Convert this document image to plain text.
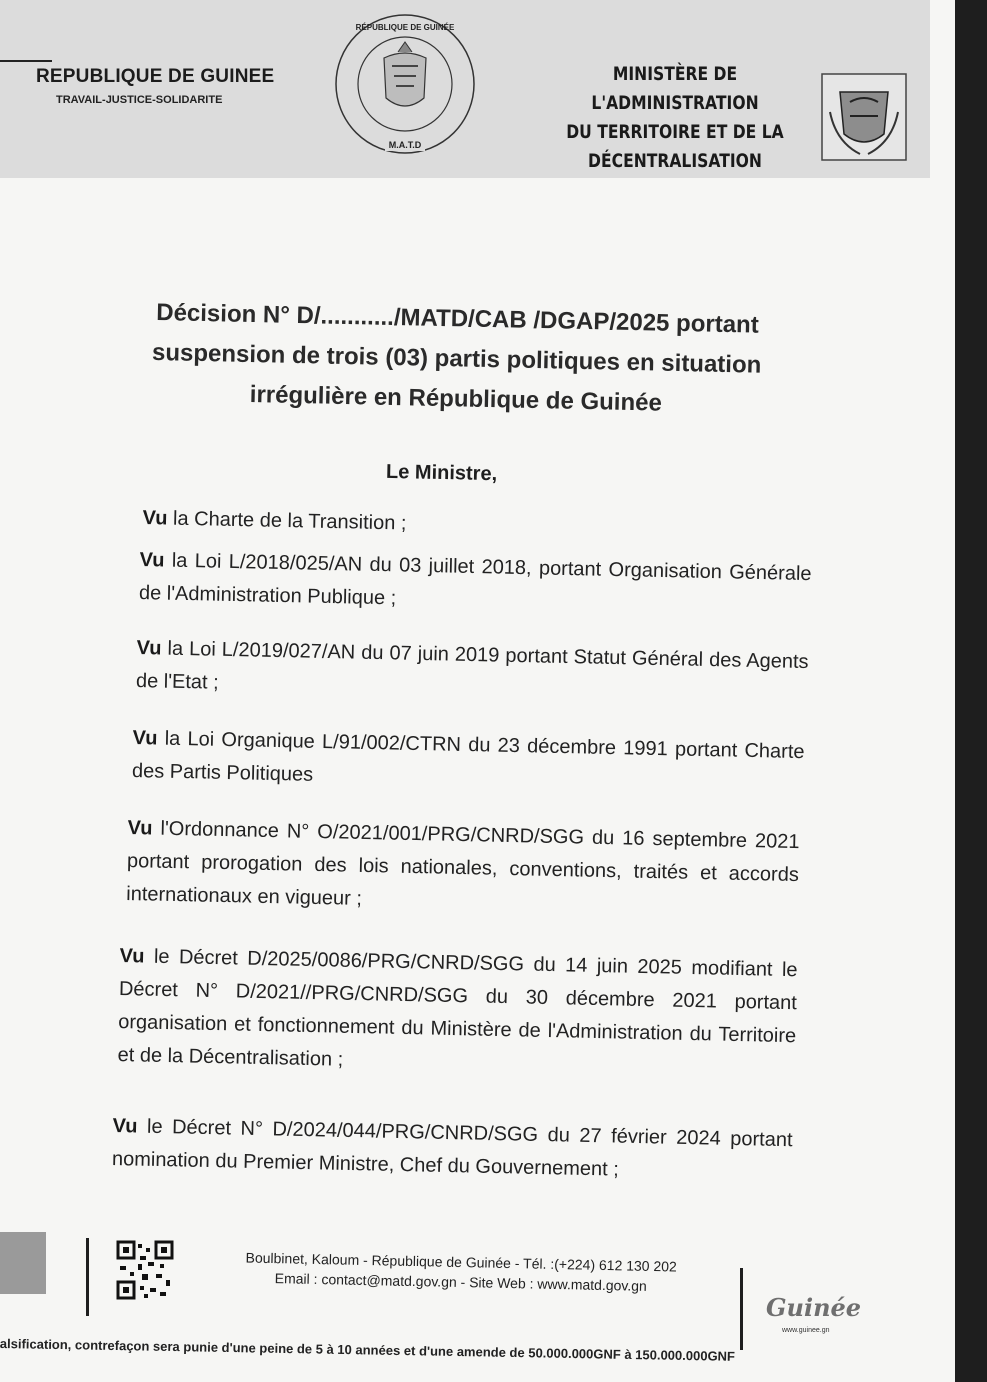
REPUBLIQUE DE GUINEE
TRAVAIL-JUSTICE-SOLIDARITE
RÉPUBLIQUE DE GUINÉE
M.A.T.D
MINISTÈRE DE L'ADMINISTRATION
DU TERRITOIRE ET DE LA
DÉCENTRALISATION
Décision N° D/.........../MATD/CAB /DGAP/2025 portant
suspension de trois (03) partis politiques en situation
irrégulière en République de Guinée
Le Ministre,
Vu la Charte de la Transition ;
Vu la Loi L/2018/025/AN du 03 juillet 2018, portant Organisation Générale de l'Administration Publique ;
Vu la Loi L/2019/027/AN du 07 juin 2019 portant Statut Général des Agents de l'Etat ;
Vu la Loi Organique L/91/002/CTRN du 23 décembre 1991 portant Charte des Partis Politiques
Vu l'Ordonnance N° O/2021/001/PRG/CNRD/SGG du 16 septembre 2021 portant prorogation des lois nationales, conventions, traités et accords internationaux en vigueur ;
Vu le Décret D/2025/0086/PRG/CNRD/SGG du 14 juin 2025 modifiant le Décret N° D/2021//PRG/CNRD/SGG du 30 décembre 2021 portant organisation et fonctionnement du Ministère de l'Administration du Territoire et de la Décentralisation ;
Vu le Décret N° D/2024/044/PRG/CNRD/SGG du 27 février 2024 portant nomination du Premier Ministre, Chef du Gouvernement ;
Boulbinet, Kaloum - République de Guinée - Tél. :(+224) 612 130 202
Email : contact@matd.gov.gn - Site Web : www.matd.gov.gn
Guinée
www.guinee.gn
alsification, contrefaçon sera punie d'une peine de 5 à 10 années et d'une amende de 50.000.000GNF à 150.000.000GNF
